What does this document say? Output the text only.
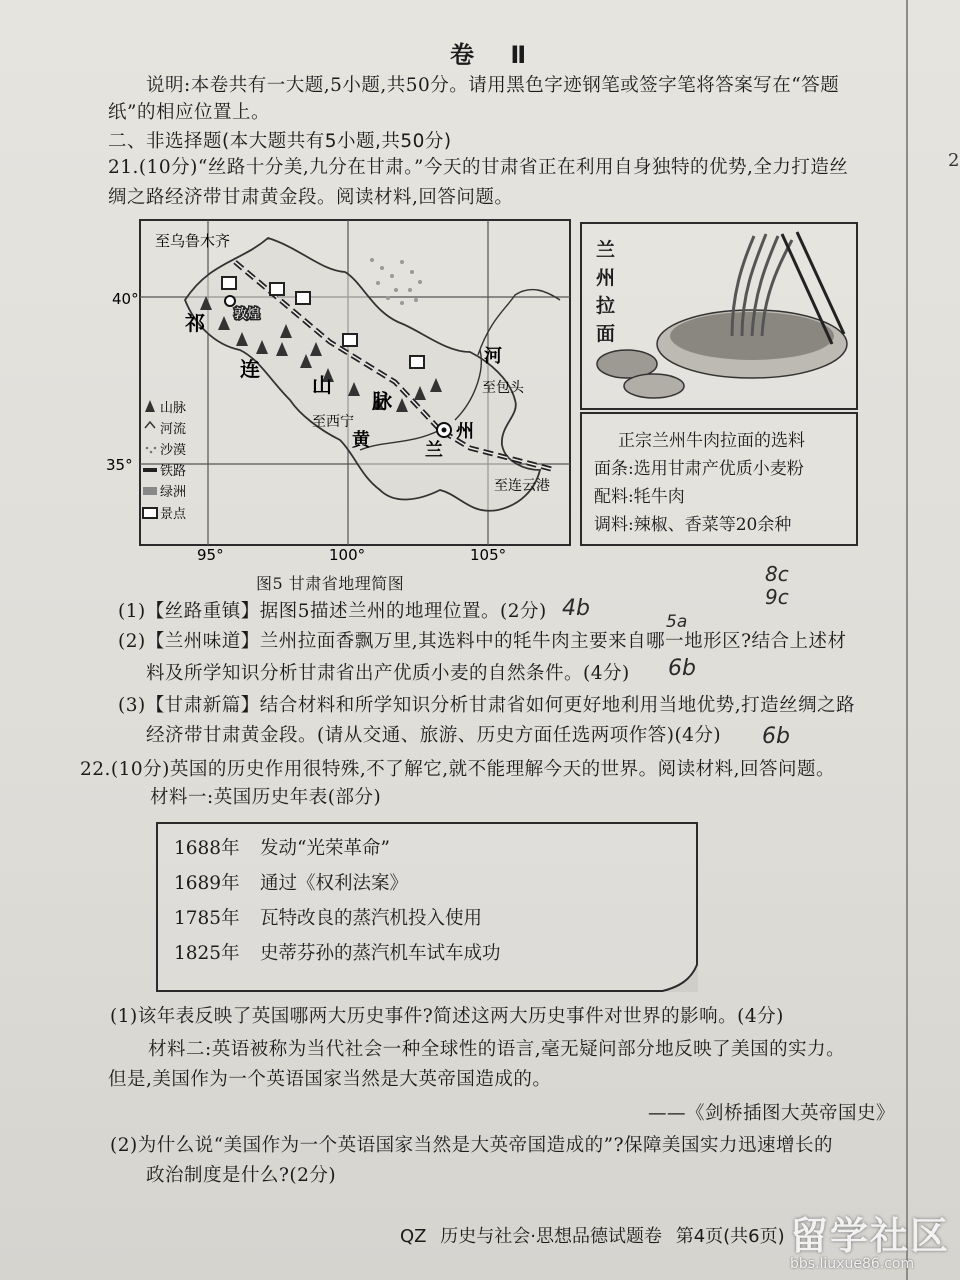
2
卷 Ⅱ
说明:本卷共有一大题,5小题,共50分。请用黑色字迹钢笔或签字笔将答案写在“答题
纸”的相应位置上。
二、非选择题(本大题共有5小题,共50分)
21.(10分)“丝路十分美,九分在甘肃。”今天的甘肃省正在利用自身独特的优势,全力打造丝
绸之路经济带甘肃黄金段。阅读材料,回答问题。
至乌鲁木齐
40°
35°
祁
连
山
脉
敦煌
至西宁
黄	兰
州
河
至包头
至连云港
95°	100°	105°
山脉
河流
沙漠
铁路
绿洲
景点
兰
州
拉
面
正宗兰州牛肉拉面的选料
面条:选用甘肃产优质小麦粉
配料:牦牛肉
调料:辣椒、香菜等20余种
图5 甘肃省地理简图	8c
9c
(1)【丝路重镇】据图5描述兰州的地理位置。(2分) 4b
5a
(2)【兰州味道】兰州拉面香飘万里,其选料中的牦牛肉主要来自哪一地形区?结合上述材
料及所学知识分析甘肃省出产优质小麦的自然条件。(4分) 6b
(3)【甘肃新篇】结合材料和所学知识分析甘肃省如何更好地利用当地优势,打造丝绸之路
经济带甘肃黄金段。(请从交通、旅游、历史方面任选两项作答)(4分) 6b
22.(10分)英国的历史作用很特殊,不了解它,就不能理解今天的世界。阅读材料,回答问题。
材料一:英国历史年表(部分)
1688年 发动“光荣革命”
1689年 通过《权利法案》
1785年 瓦特改良的蒸汽机投入使用
1825年 史蒂芬孙的蒸汽机车试车成功
(1)该年表反映了英国哪两大历史事件?简述这两大历史事件对世界的影响。(4分)
材料二:英语被称为当代社会一种全球性的语言,毫无疑问部分地反映了美国的实力。
但是,美国作为一个英语国家当然是大英帝国造成的。
——《剑桥插图大英帝国史》
(2)为什么说“美国作为一个英语国家当然是大英帝国造成的”?保障美国实力迅速增长的
政治制度是什么?(2分)
QZ 历史与社会·思想品德试题卷 第4页(共6页) 留学社区
bbs.liuxue86.com
